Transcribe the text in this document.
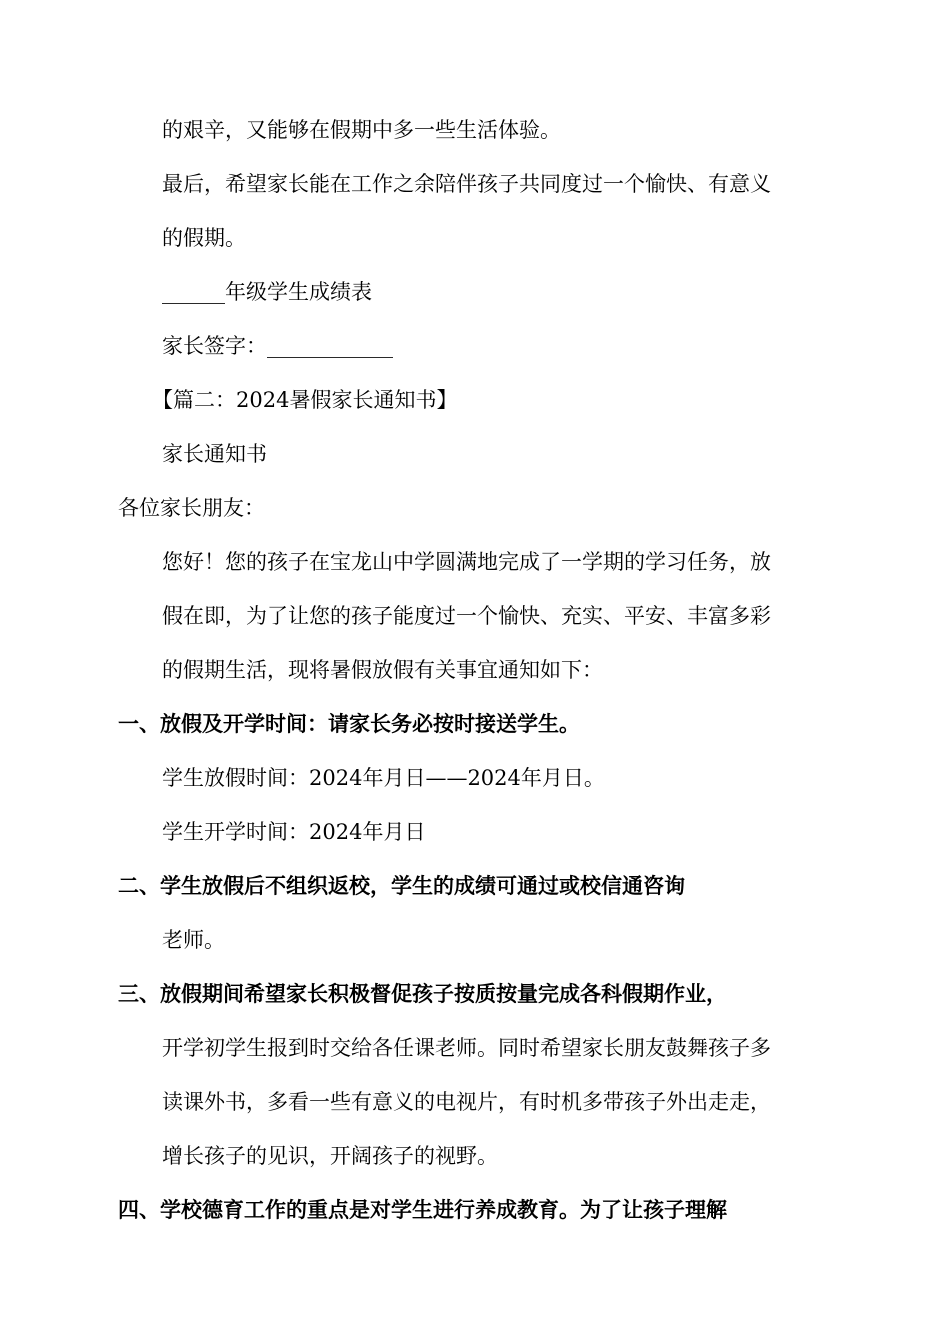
的艰辛，又能够在假期中多一些生活体验。
最后，希望家长能在工作之余陪伴孩子共同度过一个愉快、有意义
的假期。
______年级学生成绩表
家长签字：____________
【篇二：2024暑假家长通知书】
家长通知书
各位家长朋友：
您好！您的孩子在宝龙山中学圆满地完成了一学期的学习任务，放
假在即，为了让您的孩子能度过一个愉快、充实、平安、丰富多彩
的假期生活，现将暑假放假有关事宜通知如下：
一、放假及开学时间：请家长务必按时接送学生。
学生放假时间：2024年月日——2024年月日。
学生开学时间：2024年月日
二、学生放假后不组织返校，学生的成绩可通过或校信通咨询
老师。
三、放假期间希望家长积极督促孩子按质按量完成各科假期作业，
开学初学生报到时交给各任课老师。同时希望家长朋友鼓舞孩子多
读课外书，多看一些有意义的电视片，有时机多带孩子外出走走，
增长孩子的见识，开阔孩子的视野。
四、学校德育工作的重点是对学生进行养成教育。为了让孩子理解
